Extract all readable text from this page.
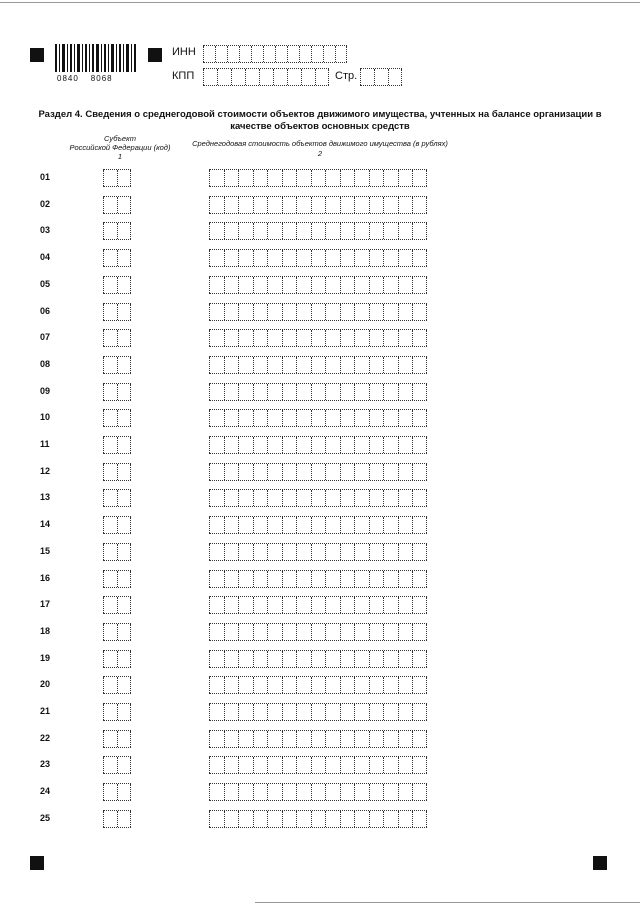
0840 8068
ИНН
КПП	Стр.
Раздел 4. Сведения о среднегодовой стоимости объектов движимого имущества, учтенных на балансе организации в
качестве объектов основных средств
Субъект
Российской Федерации (код)
1
Среднегодовая стоимость объектов движимого имущества (в рублях)
2
01
02
03
04
05
06
07
08
09
10
11
12
13
14
15
16
17
18
19
20
21
22
23
24
25
